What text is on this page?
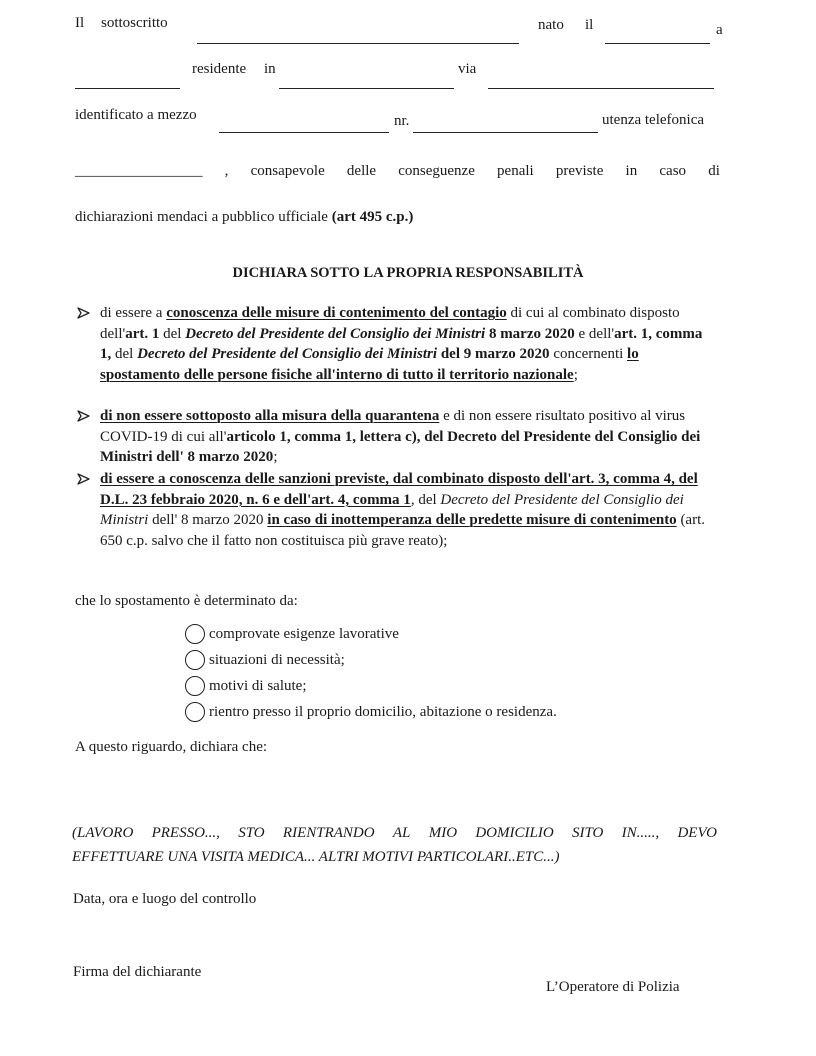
Il sottoscritto	nato il	a
residente in	via
identificato a mezzo	nr.	utenza telefonica
_________________ , consapevole delle conseguenze penali previste in caso di
dichiarazioni mendaci a pubblico ufficiale (art 495 c.p.)
DICHIARA SOTTO LA PROPRIA RESPONSABILITÀ
di essere a conoscenza delle misure di contenimento del contagio di cui al combinato disposto dell'art. 1 del Decreto del Presidente del Consiglio dei Ministri 8 marzo 2020 e dell'art. 1, comma 1, del Decreto del Presidente del Consiglio dei Ministri del 9 marzo 2020 concernenti lo spostamento delle persone fisiche all'interno di tutto il territorio nazionale;
di non essere sottoposto alla misura della quarantena e di non essere risultato positivo al virus COVID-19 di cui all'articolo 1, comma 1, lettera c), del Decreto del Presidente del Consiglio dei Ministri dell' 8 marzo 2020;
di essere a conoscenza delle sanzioni previste, dal combinato disposto dell'art. 3, comma 4, del D.L. 23 febbraio 2020, n. 6 e dell'art. 4, comma 1, del Decreto del Presidente del Consiglio dei Ministri dell' 8 marzo 2020 in caso di inottemperanza delle predette misure di contenimento (art. 650 c.p. salvo che il fatto non costituisca più grave reato);
che lo spostamento è determinato da:
comprovate esigenze lavorative
situazioni di necessità;
motivi di salute;
rientro presso il proprio domicilio, abitazione o residenza.
A questo riguardo, dichiara che:
(LAVORO PRESSO..., STO RIENTRANDO AL MIO DOMICILIO SITO IN....., DEVO
EFFETTUARE UNA VISITA MEDICA... ALTRI MOTIVI PARTICOLARI..ETC...)
Data, ora e luogo del controllo
Firma del dichiarante
L’Operatore di Polizia
